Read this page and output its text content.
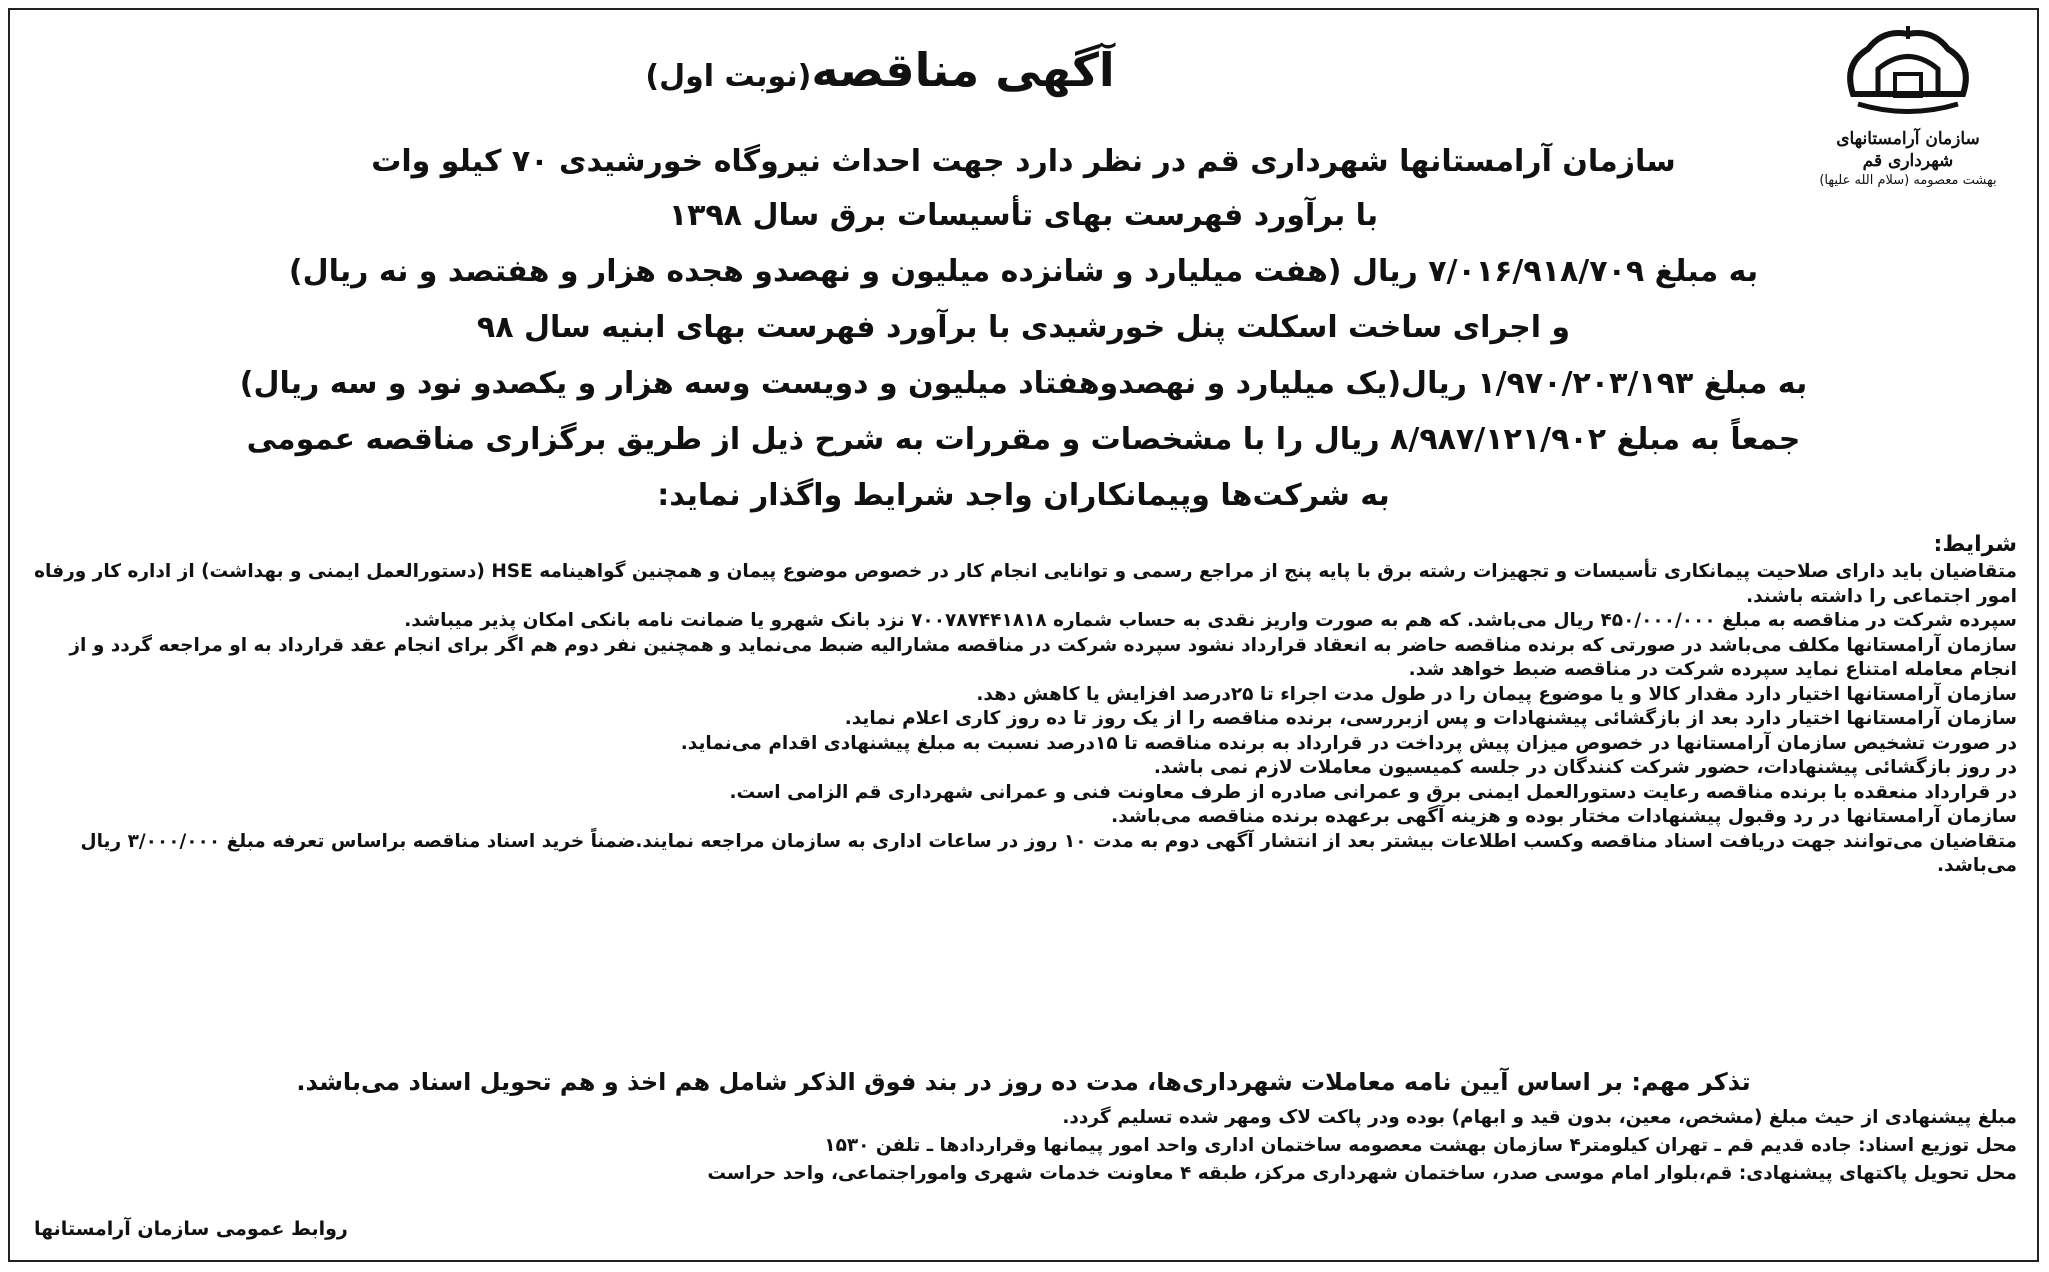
سازمان آرامستانهای شهرداری قم
بهشت معصومه (سلام الله علیها)
آگهی مناقصه(نوبت اول)
سازمان آرامستانها شهرداری قم در نظر دارد جهت احداث نیروگاه خورشیدی ۷۰ کیلو وات
با برآورد فهرست بهای تأسیسات برق سال ۱۳۹۸
به مبلغ ۷/۰۱۶/۹۱۸/۷۰۹ ریال (هفت میلیارد و شانزده میلیون و نهصدو هجده هزار و هفتصد و نه ریال)
و اجرای ساخت اسکلت پنل خورشیدی با برآورد فهرست بهای ابنیه سال ۹۸
به مبلغ ۱/۹۷۰/۲۰۳/۱۹۳ ریال(یک میلیارد و نهصدوهفتاد میلیون و دویست وسه هزار و یکصدو نود و سه ریال)
جمعاً به مبلغ ۸/۹۸۷/۱۲۱/۹۰۲ ریال را با مشخصات و مقررات به شرح ذیل از طریق برگزاری مناقصه عمومی
به شرکت‌ها وپیمانکاران واجد شرایط واگذار نماید:
شرایط:

متقاضیان باید دارای صلاحیت پیمانکاری تأسیسات و تجهیزات رشته برق با پایه پنج از مراجع رسمی و توانایی انجام کار در خصوص موضوع پیمان و همچنین گواهینامه HSE (دستورالعمل ایمنی و بهداشت) از اداره کار ورفاه امور اجتماعی را داشته باشند.

سپرده شرکت در مناقصه به مبلغ ۴۵۰/۰۰۰/۰۰۰ ریال می‌باشد. که هم به صورت واریز نقدی به حساب شماره ۷۰۰۷۸۷۴۴۱۸۱۸ نزد بانک شهرو یا ضمانت نامه بانکی امکان پذیر میباشد.

سازمان آرامستانها مکلف می‌باشد در صورتی که برنده مناقصه حاضر به انعقاد قرارداد نشود سپرده شرکت در مناقصه مشارالیه ضبط می‌نماید و همچنین نفر دوم هم اگر برای انجام عقد قرارداد به او مراجعه گردد و از انجام معامله امتناع نماید سپرده شرکت در مناقصه ضبط خواهد شد.

سازمان آرامستانها اختیار دارد مقدار کالا و یا موضوع پیمان را در طول مدت اجراء تا ۲۵درصد افزایش یا کاهش دهد.

سازمان آرامستانها اختیار دارد بعد از بازگشائی پیشنهادات و پس ازبررسی، برنده مناقصه را از یک روز تا ده روز کاری اعلام نماید.

در صورت تشخیص سازمان آرامستانها در خصوص میزان پیش پرداخت در قرارداد به برنده مناقصه تا ۱۵درصد نسبت به مبلغ پیشنهادی اقدام می‌نماید.

در روز بازگشائی پیشنهادات، حضور شرکت کنندگان در جلسه کمیسیون معاملات لازم نمی باشد.

در قرارداد منعقده با برنده مناقصه رعایت دستورالعمل ایمنی برق و عمرانی صادره از طرف معاونت فنی و عمرانی شهرداری قم الزامی است.

سازمان آرامستانها در رد وقبول پیشنهادات مختار بوده و هزینه آگهی برعهده برنده مناقصه می‌باشد.

متقاضیان می‌توانند جهت دریافت اسناد مناقصه وکسب اطلاعات بیشتر بعد از انتشار آگهی دوم به مدت ۱۰ روز در ساعات اداری به سازمان مراجعه نمایند.ضمناً خرید اسناد مناقصه براساس تعرفه مبلغ ۳/۰۰۰/۰۰۰ ریال می‌باشد.

تذکر مهم: بر اساس آیین نامه معاملات شهرداری‌ها، مدت ده روز در بند فوق الذکر شامل هم اخذ و هم تحویل اسناد می‌باشد.
مبلغ پیشنهادی از حیث مبلغ (مشخص، معین، بدون قید و ابهام) بوده ودر پاکت لاک ومهر شده تسلیم گردد.
محل توزیع اسناد: جاده قدیم قم ـ تهران کیلومتر۴ سازمان بهشت معصومه ساختمان اداری واحد امور پیمانها وقراردادها ـ تلفن ۱۵۳۰
محل تحویل پاکتهای پیشنهادی: قم،بلوار امام موسی صدر، ساختمان شهرداری مرکز، طبقه ۴ معاونت خدمات شهری واموراجتماعی، واحد حراست
روابط عمومی سازمان آرامستانها
